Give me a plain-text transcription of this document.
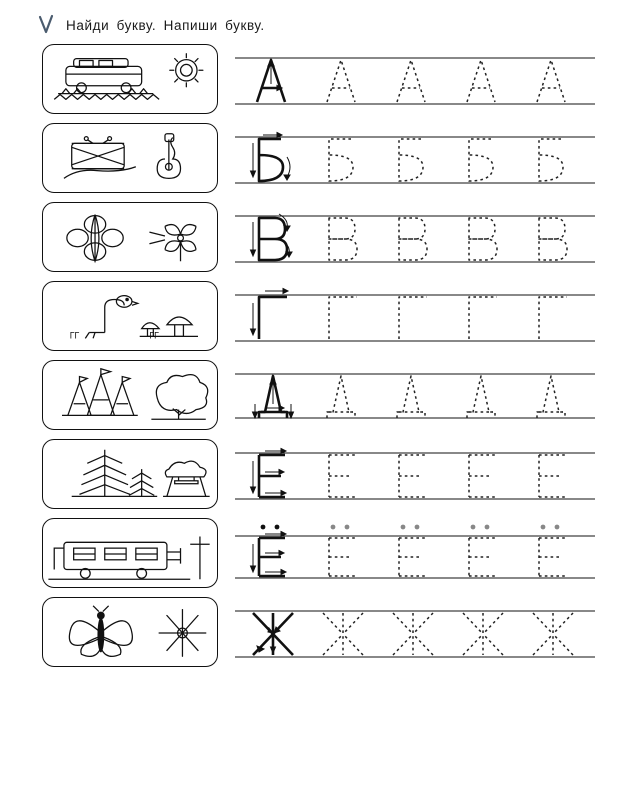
Найди букву. Напиши букву.
ГГ	ГГ
